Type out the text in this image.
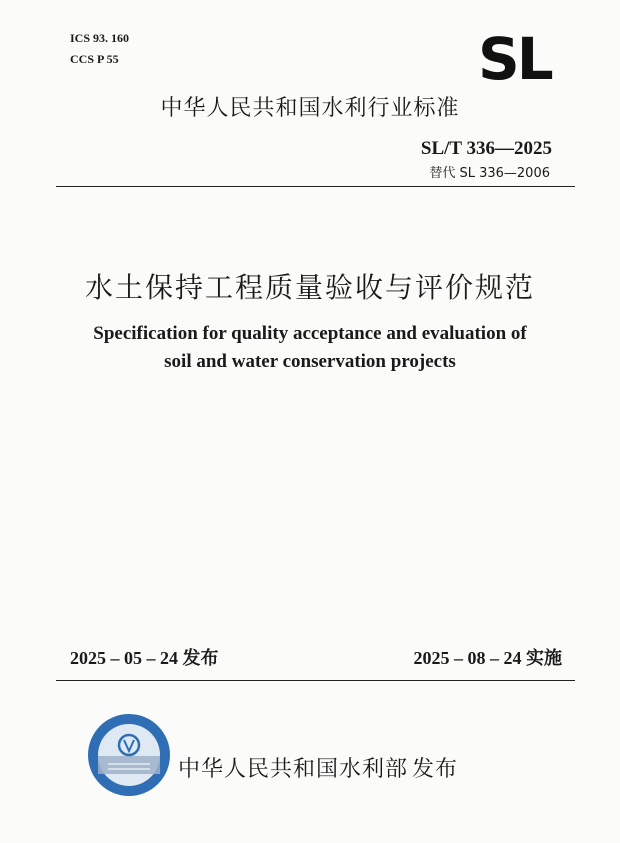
ICS 93. 160
CCS P 55	SL
中华人民共和国水利行业标准
SL/T 336—2025
替代 SL 336—2006
水土保持工程质量验收与评价规范
Specification for quality acceptance and evaluation of
soil and water conservation projects
2025 – 05 – 24 发布	2025 – 08 – 24 实施
中华人民共和国水利部 发布
